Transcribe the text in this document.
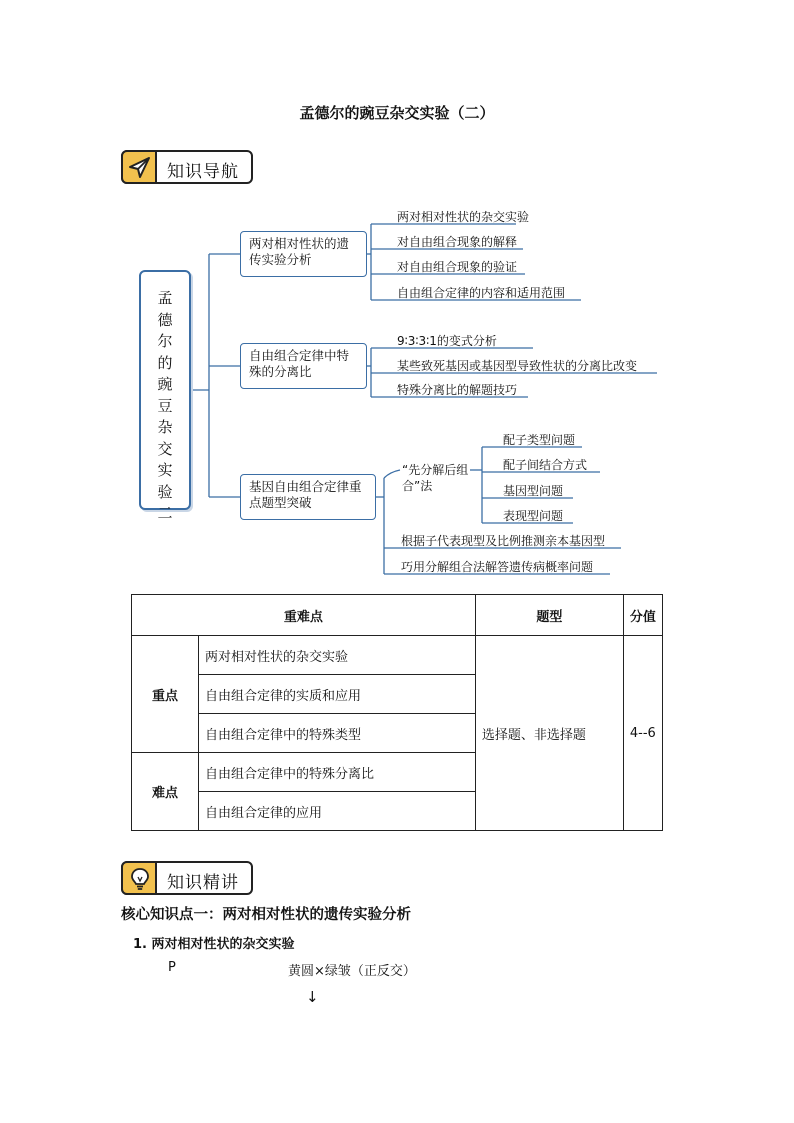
孟德尔的豌豆杂交实验（二）
知识导航
孟德尔的豌豆杂交实验二
两对相对性状的遗传实验分析
自由组合定律中特殊的分离比
基因自由组合定律重点题型突破
两对相对性状的杂交实验
对自由组合现象的解释
对自由组合现象的验证
自由组合定律的内容和适用范围
9∶3∶3∶1的变式分析
某些致死基因或基因型导致性状的分离比改变
特殊分离比的解题技巧
“先分解后组合”法
配子类型问题
配子间结合方式
基因型问题
表现型问题
根据子代表现型及比例推测亲本基因型
巧用分解组合法解答遗传病概率问题
重难点		题型	分值
重点	两对相对性状的杂交实验	选择题、非选择题	4--6
	自由组合定律的实质和应用		
	自由组合定律中的特殊类型		
难点	自由组合定律中的特殊分离比		
	自由组合定律的应用		
知识精讲
核心知识点一：两对相对性状的遗传实验分析
1. 两对相对性状的杂交实验
P	黄圆×绿皱（正反交）
↓
